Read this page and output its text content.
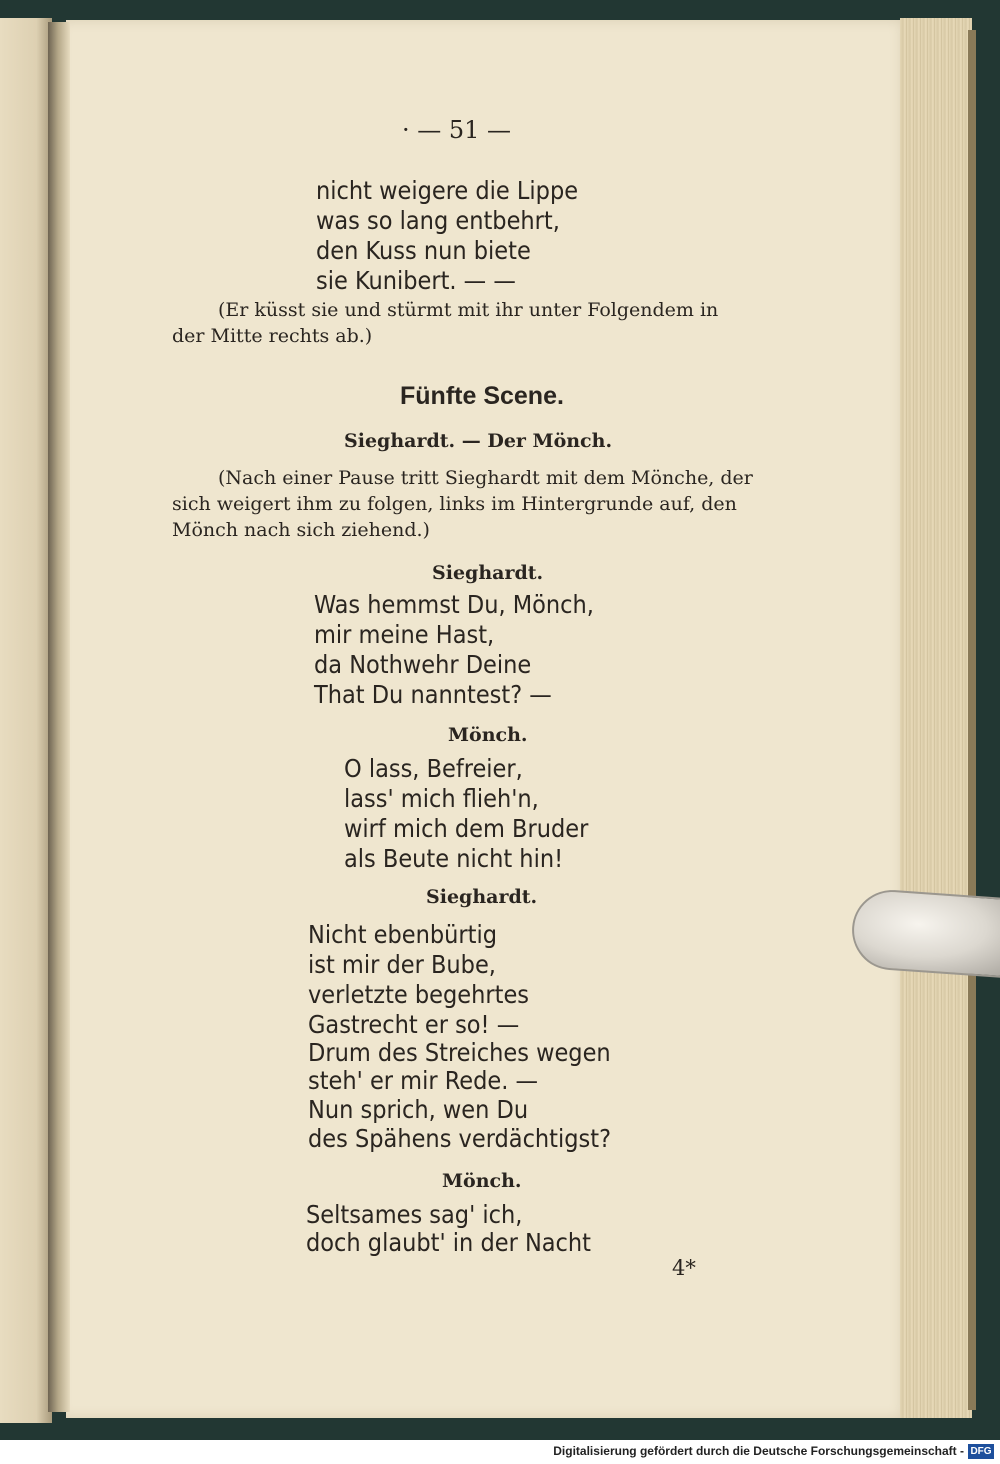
· — 51 —
nicht weigere die Lippe
was so lang entbehrt,
den Kuss nun biete
sie Kunibert. — —
(Er küsst sie und stürmt mit ihr unter Folgendem in
der Mitte rechts ab.)
Fünfte Scene.
Sieghardt. — Der Mönch.
(Nach einer Pause tritt Sieghardt mit dem Mönche, der
sich weigert ihm zu folgen, links im Hintergrunde auf, den
Mönch nach sich ziehend.)
Sieghardt.
Was hemmst Du, Mönch,
mir meine Hast,
da Nothwehr Deine
That Du nanntest? —
Mönch.
O lass, Befreier,
lass' mich flieh'n,
wirf mich dem Bruder
als Beute nicht hin!
Sieghardt.
Nicht ebenbürtig
ist mir der Bube,
verletzte begehrtes
Gastrecht er so! —
Drum des Streiches wegen
steh' er mir Rede. —
Nun sprich, wen Du
des Spähens verdächtigst?
Mönch.
Seltsames sag' ich,
doch glaubt' in der Nacht
4*
Digitalisierung gefördert durch die Deutsche Forschungsgemeinschaft - DFG
